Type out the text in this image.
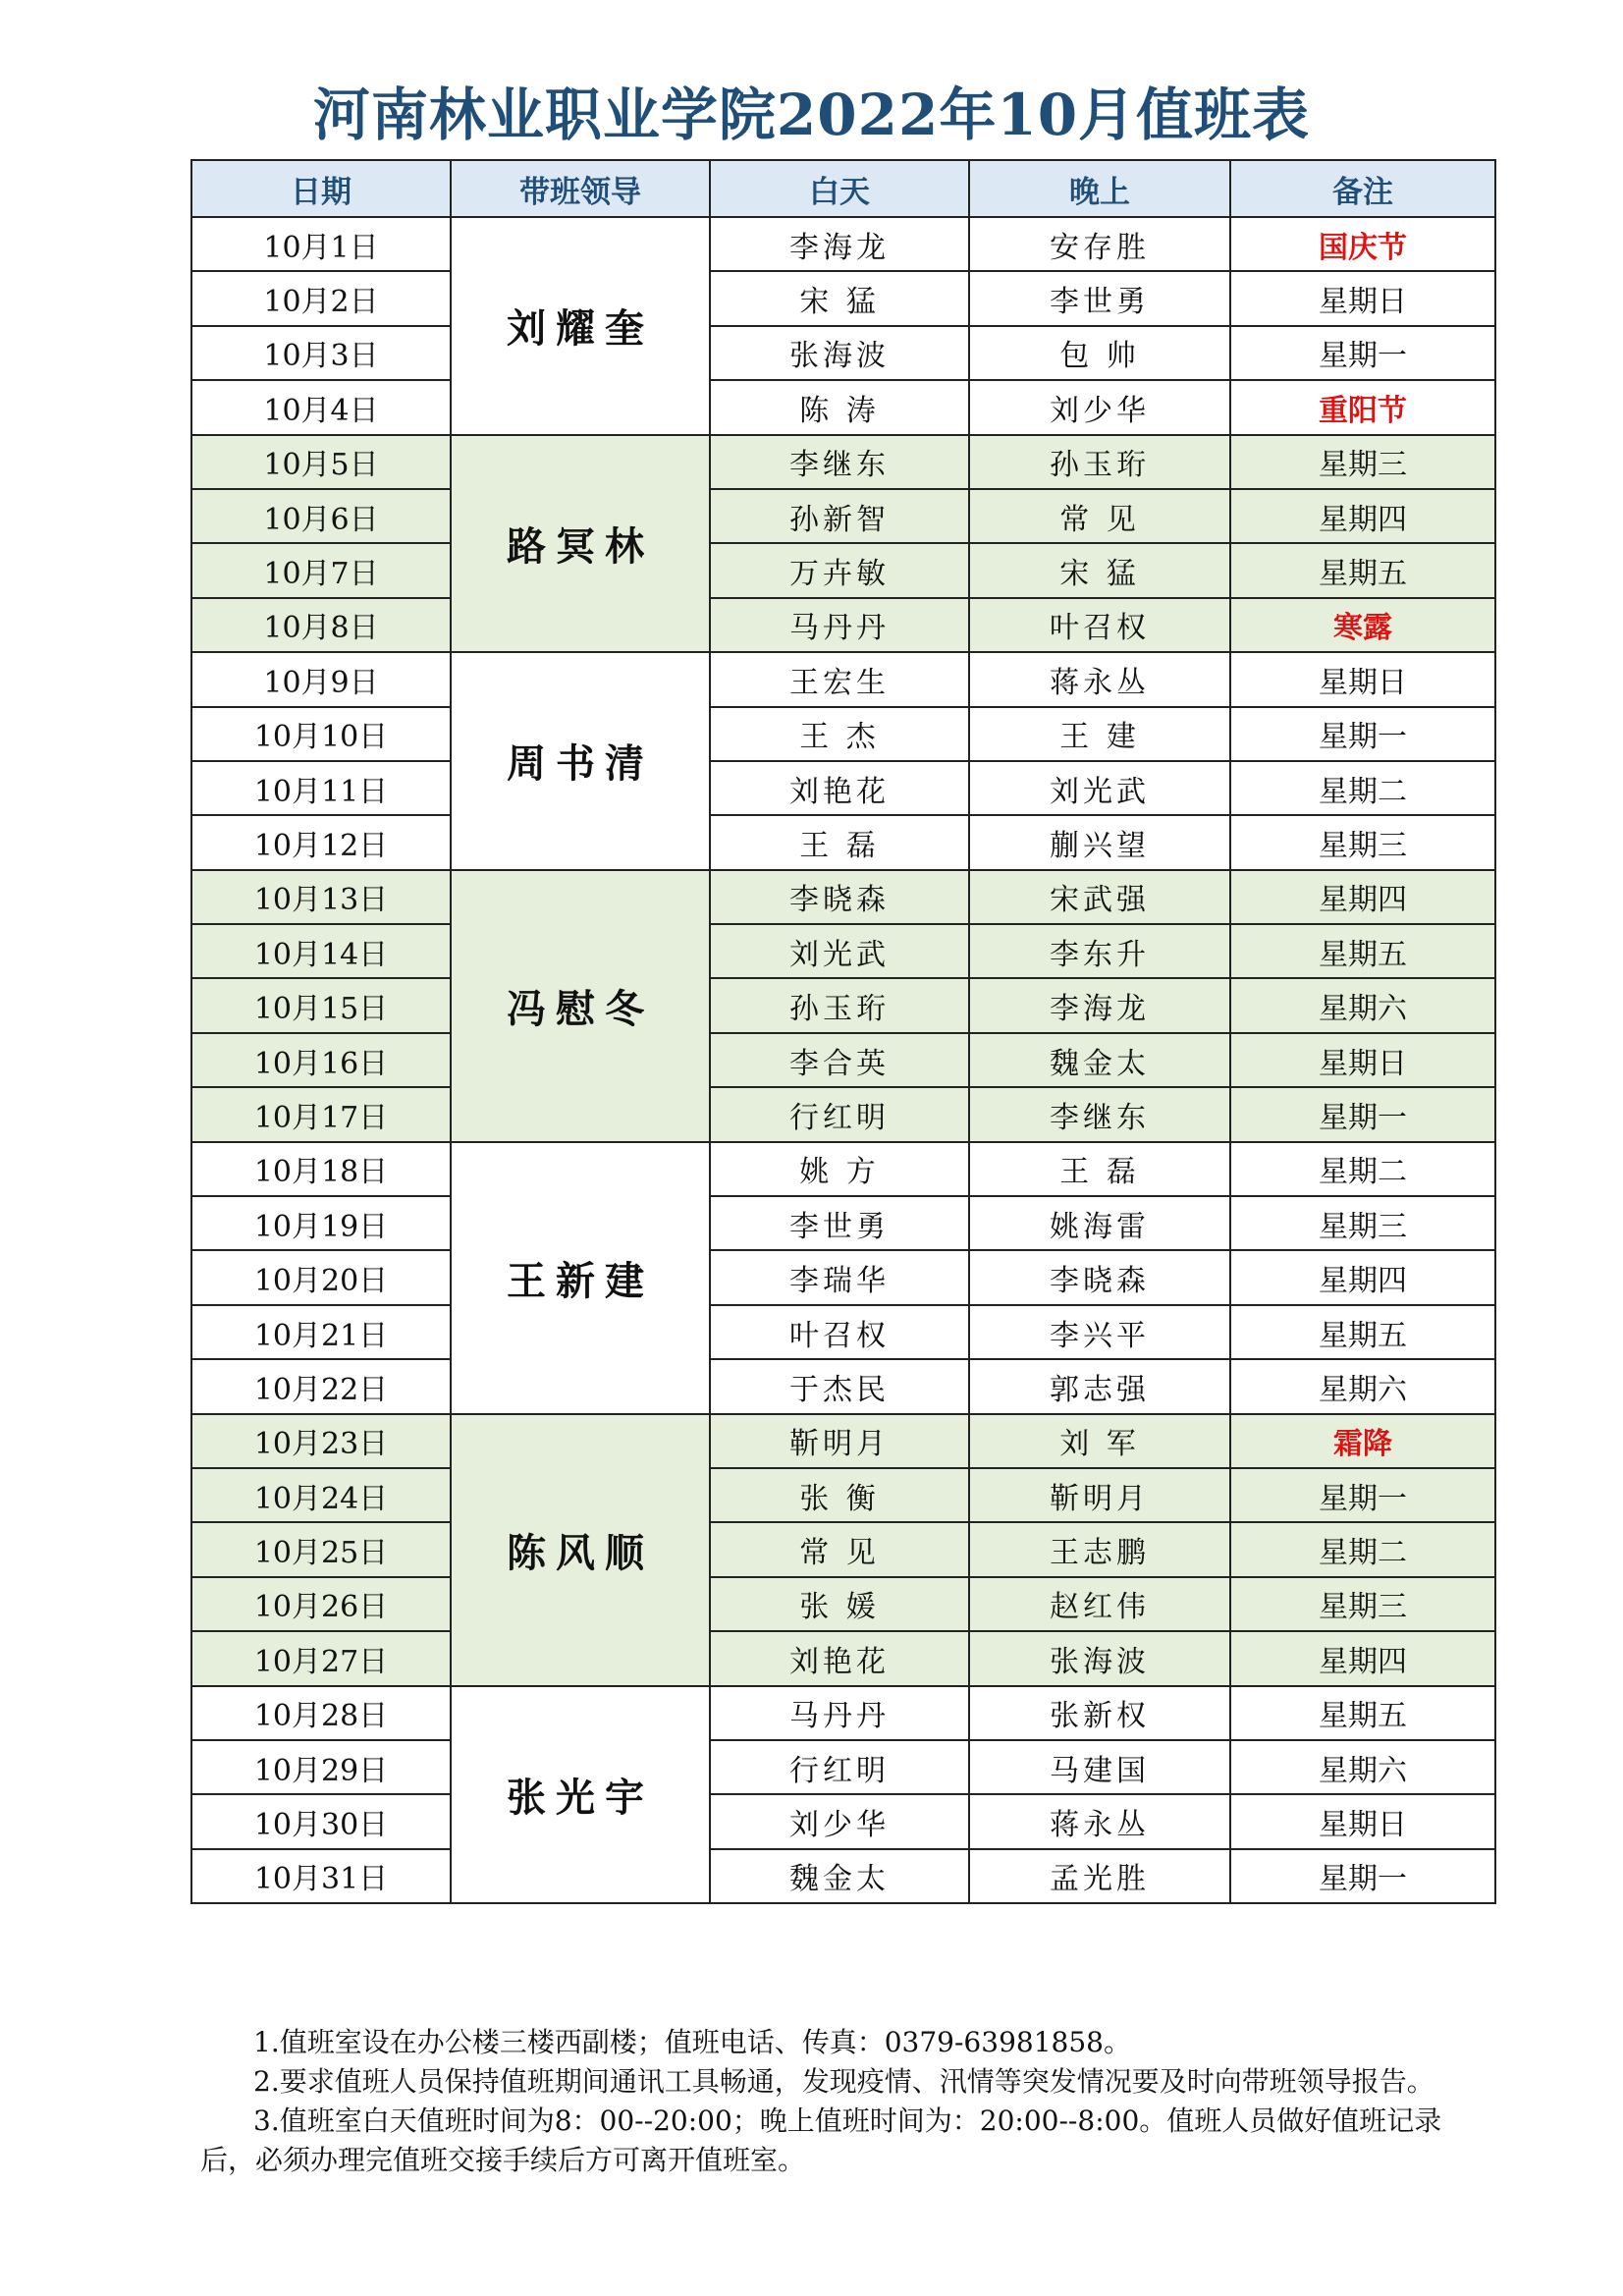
河南林业职业学院2022年10月值班表
日期	带班领导	白天	晚上	备注
10月1日	刘耀奎	李海龙	安存胜	国庆节
10月2日		宋 猛	李世勇	星期日
10月3日		张海波	包 帅	星期一
10月4日		陈 涛	刘少华	重阳节
10月5日	路冥林	李继东	孙玉珩	星期三
10月6日		孙新智	常 见	星期四
10月7日		万卉敏	宋 猛	星期五
10月8日		马丹丹	叶召权	寒露
10月9日	周书清	王宏生	蒋永丛	星期日
10月10日		王 杰	王 建	星期一
10月11日		刘艳花	刘光武	星期二
10月12日		王 磊	蒯兴望	星期三
10月13日	冯慰冬	李晓森	宋武强	星期四
10月14日		刘光武	李东升	星期五
10月15日		孙玉珩	李海龙	星期六
10月16日		李合英	魏金太	星期日
10月17日		行红明	李继东	星期一
10月18日	王新建	姚 方	王 磊	星期二
10月19日		李世勇	姚海雷	星期三
10月20日		李瑞华	李晓森	星期四
10月21日		叶召权	李兴平	星期五
10月22日		于杰民	郭志强	星期六
10月23日	陈风顺	靳明月	刘 军	霜降
10月24日		张 衡	靳明月	星期一
10月25日		常 见	王志鹏	星期二
10月26日		张 媛	赵红伟	星期三
10月27日		刘艳花	张海波	星期四
10月28日	张光宇	马丹丹	张新权	星期五
10月29日		行红明	马建国	星期六
10月30日		刘少华	蒋永丛	星期日
10月31日		魏金太	孟光胜	星期一

1.值班室设在办公楼三楼西副楼；值班电话、传真：0379-63981858。

2.要求值班人员保持值班期间通讯工具畅通，发现疫情、汛情等突发情况要及时向带班领导报告。

3.值班室白天值班时间为8：00--20:00；晚上值班时间为：20:00--8:00。值班人员做好值班记录后，必须办理完值班交接手续后方可离开值班室。
